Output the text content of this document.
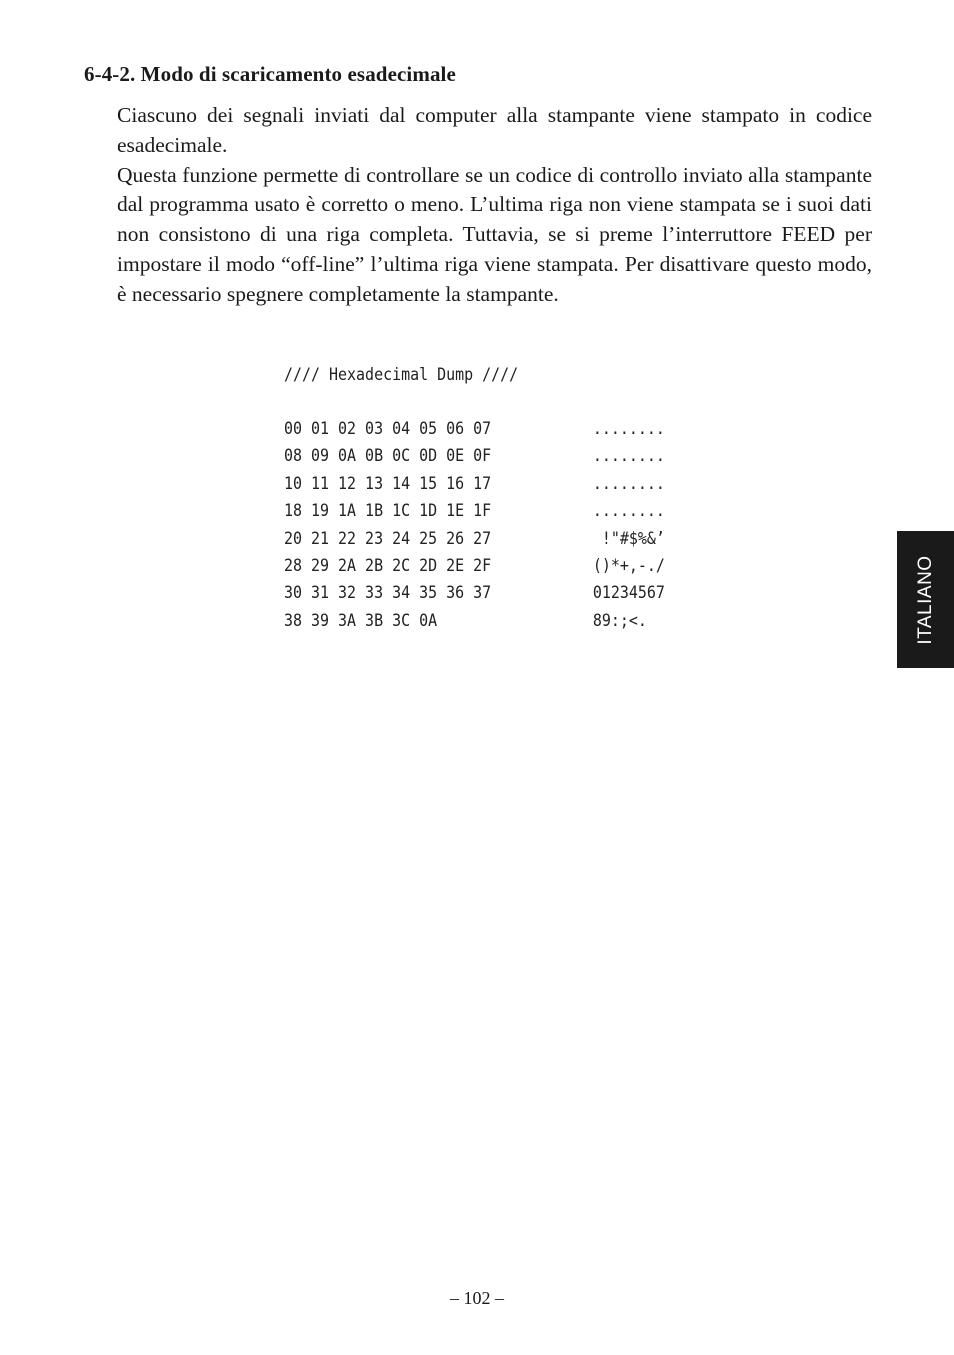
6-4-2. Modo di scaricamento esadecimale

Ciascuno dei segnali inviati dal computer alla stampante viene stampato in codice esadecimale.

Questa funzione permette di controllare se un codice di controllo inviato alla stampante dal programma usato è corretto o meno. L’ultima riga non viene stampata se i suoi dati non consistono di una riga completa. Tuttavia, se si preme l’interruttore FEED per impostare il modo “off-line” l’ultima riga viene stampata. Per disattivare questo modo, è necessario spegnere completamente la stampante.

//// Hexadecimal Dump ////
00 01 02 03 04 05 06 07	........
08 09 0A 0B 0C 0D 0E 0F	........
10 11 12 13 14 15 16 17	........
18 19 1A 1B 1C 1D 1E 1F	........
20 21 22 23 24 25 26 27	!"#$%&’
28 29 2A 2B 2C 2D 2E 2F	()*+,-./
30 31 32 33 34 35 36 37	01234567
38 39 3A 3B 3C 0A	89:;<.	ITALIANO
– 102 –
